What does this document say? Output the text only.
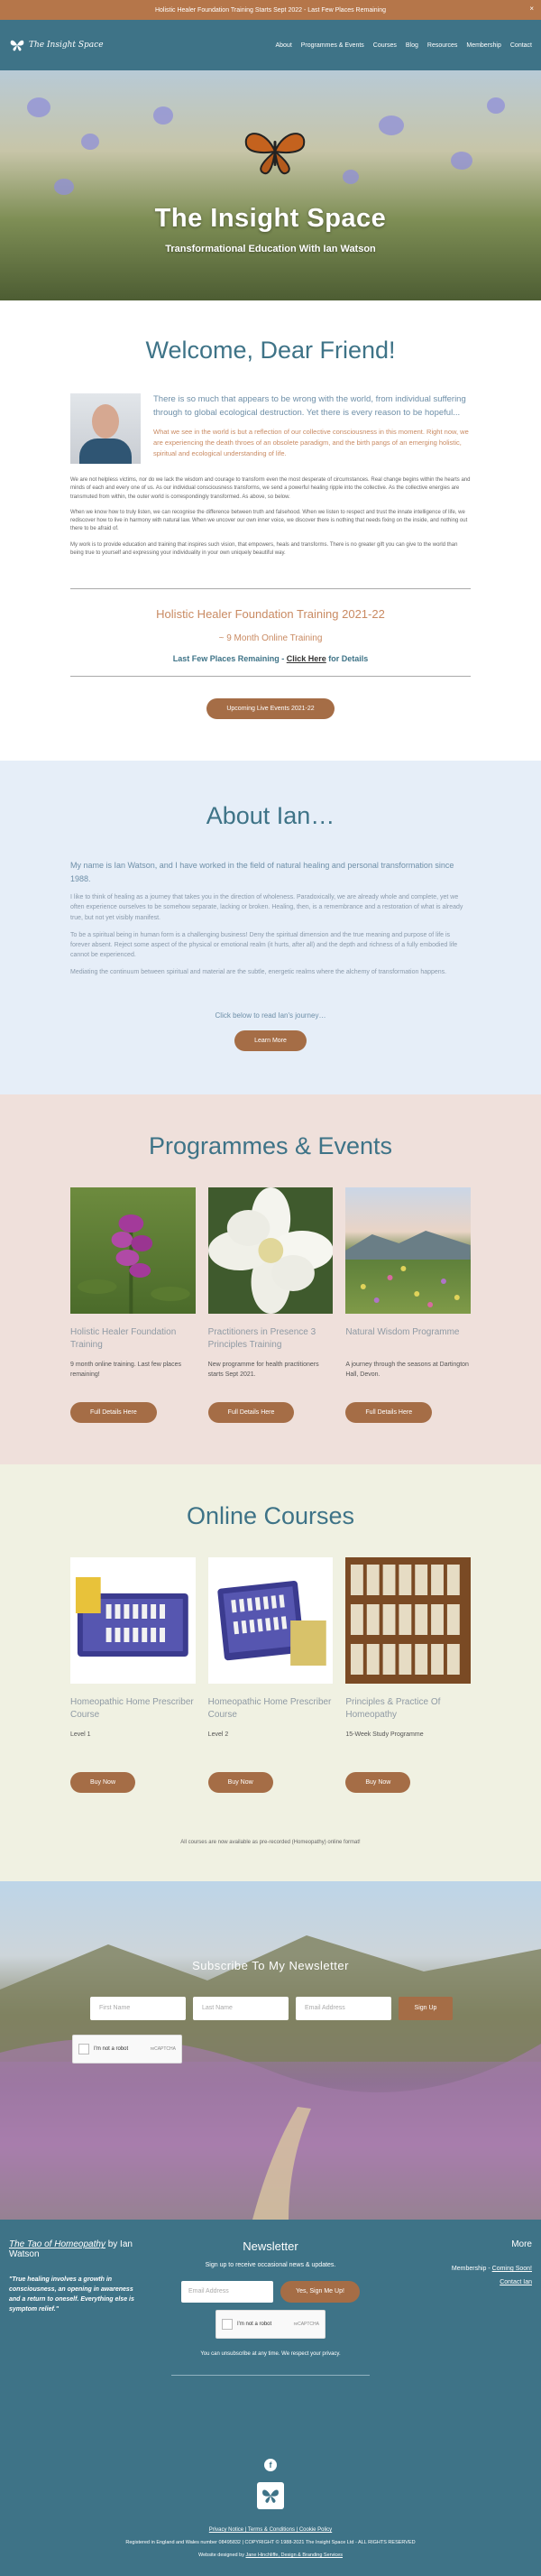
Holistic Healer Foundation Training Starts Sept 2022 - Last Few Places Remaining	×
The Insight Space	About Programmes & Events Courses Blog Resources Membership Contact
The Insight Space

Transformational Education With Ian Watson

Welcome, Dear Friend!
There is so much that appears to be wrong with the world, from individual suffering through to global ecological destruction. Yet there is every reason to be hopeful...
What we see in the world is but a reflection of our collective consciousness in this moment. Right now, we are experiencing the death throes of an obsolete paradigm, and the birth pangs of an emerging holistic, spiritual and ecological understanding of life.

We are not helpless victims, nor do we lack the wisdom and courage to transform even the most desperate of circumstances. Real change begins within the hearts and minds of each and every one of us. As our individual consciousness transforms, we send a powerful healing ripple into the collective. As the collective energies are transmuted from within, the outer world is correspondingly transformed. As above, so below.

When we know how to truly listen, we can recognise the difference between truth and falsehood. When we listen to respect and trust the innate intelligence of life, we rediscover how to live in harmony with natural law. When we uncover our own inner voice, we discover there is nothing that needs fixing on the inside, and nothing out there to be afraid of.

My work is to provide education and training that inspires such vision, that empowers, heals and transforms. There is no greater gift you can give to the world than being true to yourself and expressing your individuality in your own uniquely beautiful way.

Holistic Healer Foundation Training 2021-22
~ 9 Month Online Training
Last Few Places Remaining - Click Here for Details
Upcoming Live Events 2021-22
About Ian…

My name is Ian Watson, and I have worked in the field of natural healing and personal transformation since 1988.

I like to think of healing as a journey that takes you in the direction of wholeness. Paradoxically, we are already whole and complete, yet we often experience ourselves to be somehow separate, lacking or broken. Healing, then, is a remembrance and a restoration of what is already true, but not yet visibly manifest.

To be a spiritual being in human form is a challenging business! Deny the spiritual dimension and the true meaning and purpose of life is forever absent. Reject some aspect of the physical or emotional realm (it hurts, after all) and the depth and richness of a fully embodied life cannot be experienced.

Mediating the continuum between spiritual and material are the subtle, energetic realms where the alchemy of transformation happens.

Click below to read Ian's journey…

Learn More
Programmes & Events
Holistic Healer Foundation Training
9 month online training. Last few places remaining!
Full Details Here
Practitioners in Presence 3 Principles Training
New programme for health practitioners starts Sept 2021.
Full Details Here
Natural Wisdom Programme
A journey through the seasons at Dartington Hall, Devon.
Full Details Here
Online Courses
Homeopathic Home Prescriber Course
Level 1
Buy Now
Homeopathic Home Prescriber Course
Level 2
Buy Now
Principles & Practice Of Homeopathy
15-Week Study Programme
Buy Now

All courses are now available as pre-recorded (Homeopathy) online format!

Subscribe To My Newsletter
First Name	Last Name	Email Address	Sign Up
I'm not a robot	reCAPTCHA

The Tao of Homeopathy by Ian Watson

"True healing involves a growth in consciousness, an opening in awareness and a return to oneself. Everything else is symptom relief."

Newsletter

Sign up to receive occasional news & updates.

Email Address	Yes, Sign Me Up!
I'm not a robot	reCAPTCHA

You can unsubscribe at any time. We respect your privacy.

More

Membership - Coming Soon!

Contact Ian

f

Privacy Notice | Terms & Conditions | Cookie Policy

Registered in England and Wales number 08495832 | COPYRIGHT © 1988-2021 The Insight Space Ltd - ALL RIGHTS RESERVED

Website designed by Jane Hinchliffe, Design & Branding Services
